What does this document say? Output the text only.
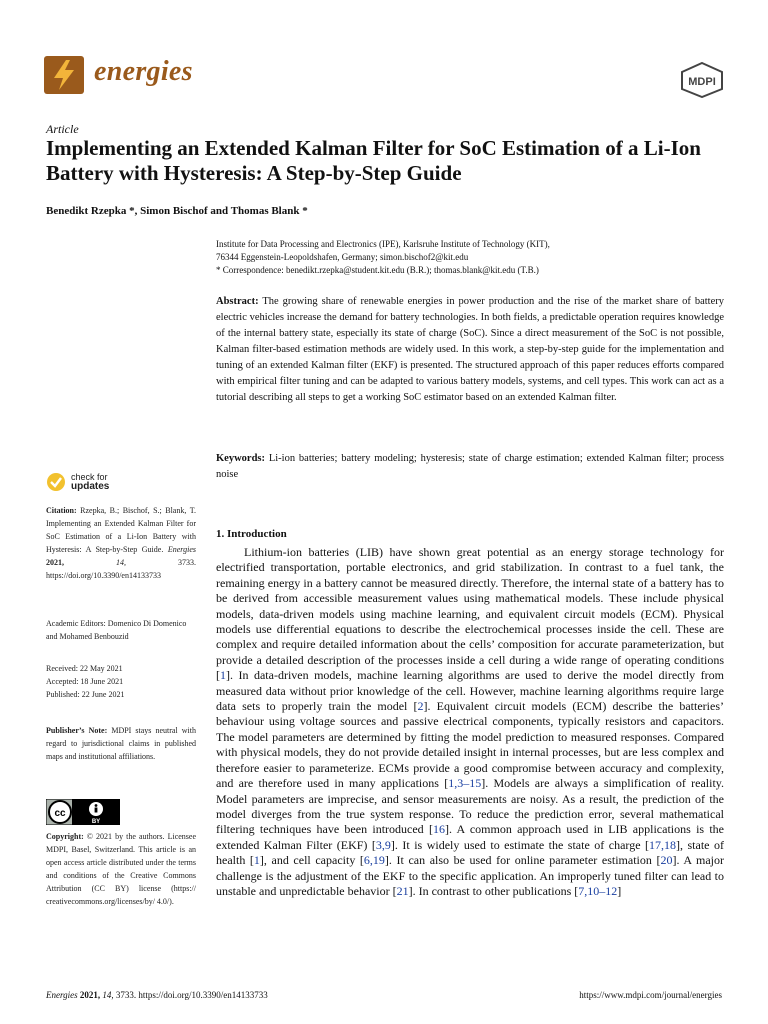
energies	MDPI
Article
Implementing an Extended Kalman Filter for SoC Estimation of a Li-Ion Battery with Hysteresis: A Step-by-Step Guide
Benedikt Rzepka *, Simon Bischof and Thomas Blank *
Institute for Data Processing and Electronics (IPE), Karlsruhe Institute of Technology (KIT),
76344 Eggenstein-Leopoldshafen, Germany; simon.bischof2@kit.edu
* Correspondence: benedikt.rzepka@student.kit.edu (B.R.); thomas.blank@kit.edu (T.B.)
Abstract: The growing share of renewable energies in power production and the rise of the market share of battery electric vehicles increase the demand for battery technologies. In both fields, a predictable operation requires knowledge of the internal battery state, especially its state of charge (SoC). Since a direct measurement of the SoC is not possible, Kalman filter-based estimation methods are widely used. In this work, a step-by-step guide for the implementation and tuning of an extended Kalman filter (EKF) is presented. The structured approach of this paper reduces efforts compared with empirical filter tuning and can be adapted to various battery models, systems, and cell types. This work can act as a tutorial describing all steps to get a working SoC estimator based on an extended Kalman filter.
Keywords: Li-ion batteries; battery modeling; hysteresis; state of charge estimation; extended Kalman filter; process noise
check for
updates
Citation: Rzepka, B.; Bischof, S.; Blank, T. Implementing an Extended Kalman Filter for SoC Estimation of a Li-Ion Battery with Hysteresis: A Step-by-Step Guide. Energies 2021,	14,	3733. https://doi.org/10.3390/en14133733
Academic Editors: Domenico Di Domenico and Mohamed Benbouzid
Received: 22 May 2021
Accepted: 18 June 2021
Published: 22 June 2021
Publisher’s Note: MDPI stays neutral with regard to jurisdictional claims in published maps and institutional affiliations.
cc
BY
Copyright: © 2021 by the authors. Licensee MDPI, Basel, Switzerland. This article is an open access article distributed under the terms and conditions of the Creative Commons Attribution (CC BY) license (https:// creativecommons.org/licenses/by/ 4.0/).
1. Introduction
Lithium-ion batteries (LIB) have shown great potential as an energy storage technology for electrified transportation, portable electronics, and grid stabilization. In contrast to a fuel tank, the remaining energy in a battery cannot be measured directly. Therefore, the internal state of a battery has to be derived from accessible measurement values using mathematical models. These include physical models, data-driven models using machine learning, and equivalent circuit models (ECM). Physical models use differential equations to describe the electrochemical processes inside the cell. These are complex and require detailed information about the cells’ composition for accurate parameterization, but provide a detailed description of the processes inside a cell during a wide range of operating conditions [1]. In data-driven models, machine learning algorithms are used to derive the model directly from measured data without prior knowledge of the cell. However, machine learning algorithms require large data sets to properly train the model [2]. Equivalent circuit models (ECM) describe the batteries’ behaviour using voltage sources and passive electrical components, typically resistors and capacitors. The model parameters are determined by fitting the model prediction to measured responses. Compared with physical models, they do not provide detailed insight in internal processes, but are less complex and therefore easier to parameterize. ECMs provide a good compromise between accuracy and complexity, and are therefore used in many applications [1,3–15]. Models are always a simplification of reality. Model parameters are imprecise, and sensor measurements are noisy. As a result, the prediction of the model diverges from the true system response. To reduce the prediction error, several mathematical filtering techniques have been introduced [16]. A common approach used in LIB applications is the extended Kalman Filter (EKF) [3,9]. It is widely used to estimate the state of charge [17,18], state of health [1], and cell capacity [6,19]. It can also be used for online parameter estimation [20]. A major challenge is the adjustment of the EKF to the specific application. An improperly tuned filter can lead to unstable and unpredictable behavior [21]. In contrast to other publications [7,10–12]
Energies 2021, 14, 3733. https://doi.org/10.3390/en14133733	https://www.mdpi.com/journal/energies
